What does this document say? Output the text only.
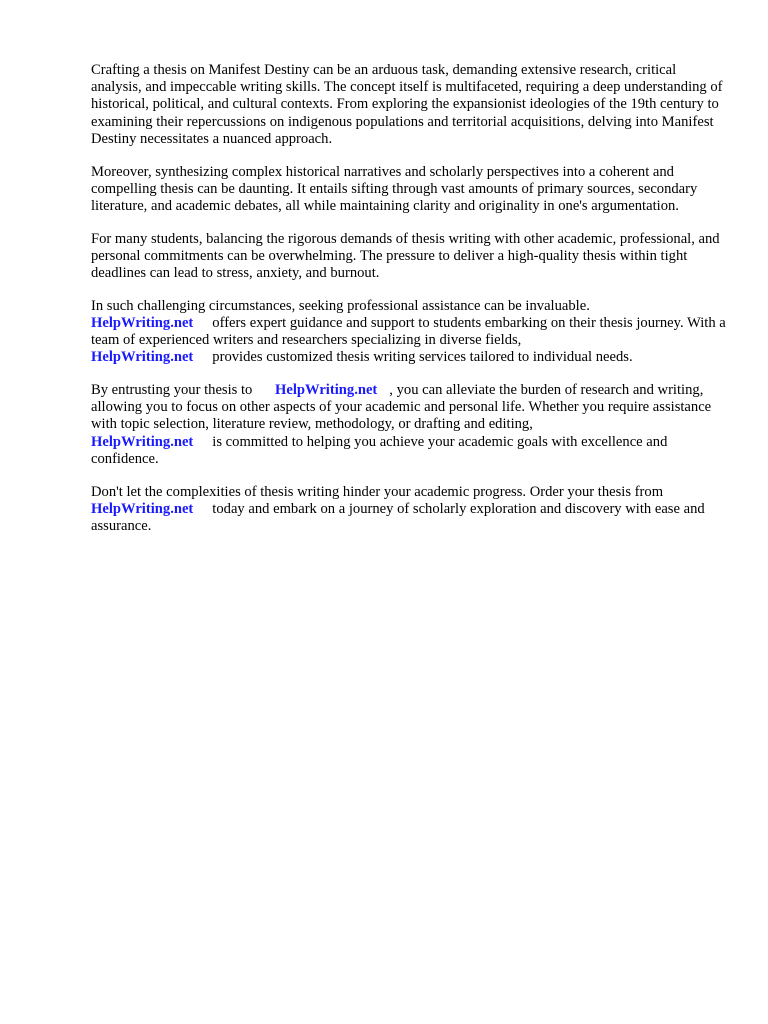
Crafting a thesis on Manifest Destiny can be an arduous task, demanding extensive research, critical analysis, and impeccable writing skills. The concept itself is multifaceted, requiring a deep understanding of historical, political, and cultural contexts. From exploring the expansionist ideologies of the 19th century to examining their repercussions on indigenous populations and territorial acquisitions, delving into Manifest Destiny necessitates a nuanced approach.

Moreover, synthesizing complex historical narratives and scholarly perspectives into a coherent and compelling thesis can be daunting. It entails sifting through vast amounts of primary sources, secondary literature, and academic debates, all while maintaining clarity and originality in one's argumentation.

For many students, balancing the rigorous demands of thesis writing with other academic, professional, and personal commitments can be overwhelming. The pressure to deliver a high-quality thesis within tight deadlines can lead to stress, anxiety, and burnout.

In such challenging circumstances, seeking professional assistance can be invaluable.
HelpWriting.net offers expert guidance and support to students embarking on their thesis journey. With a team of experienced writers and researchers specializing in diverse fields,
HelpWriting.net provides customized thesis writing services tailored to individual needs.

By entrusting your thesis to HelpWriting.net , you can alleviate the burden of research and writing, allowing you to focus on other aspects of your academic and personal life. Whether you require assistance with topic selection, literature review, methodology, or drafting and editing,
HelpWriting.net is committed to helping you achieve your academic goals with excellence and confidence.

Don't let the complexities of thesis writing hinder your academic progress. Order your thesis from
HelpWriting.net today and embark on a journey of scholarly exploration and discovery with ease and assurance.
